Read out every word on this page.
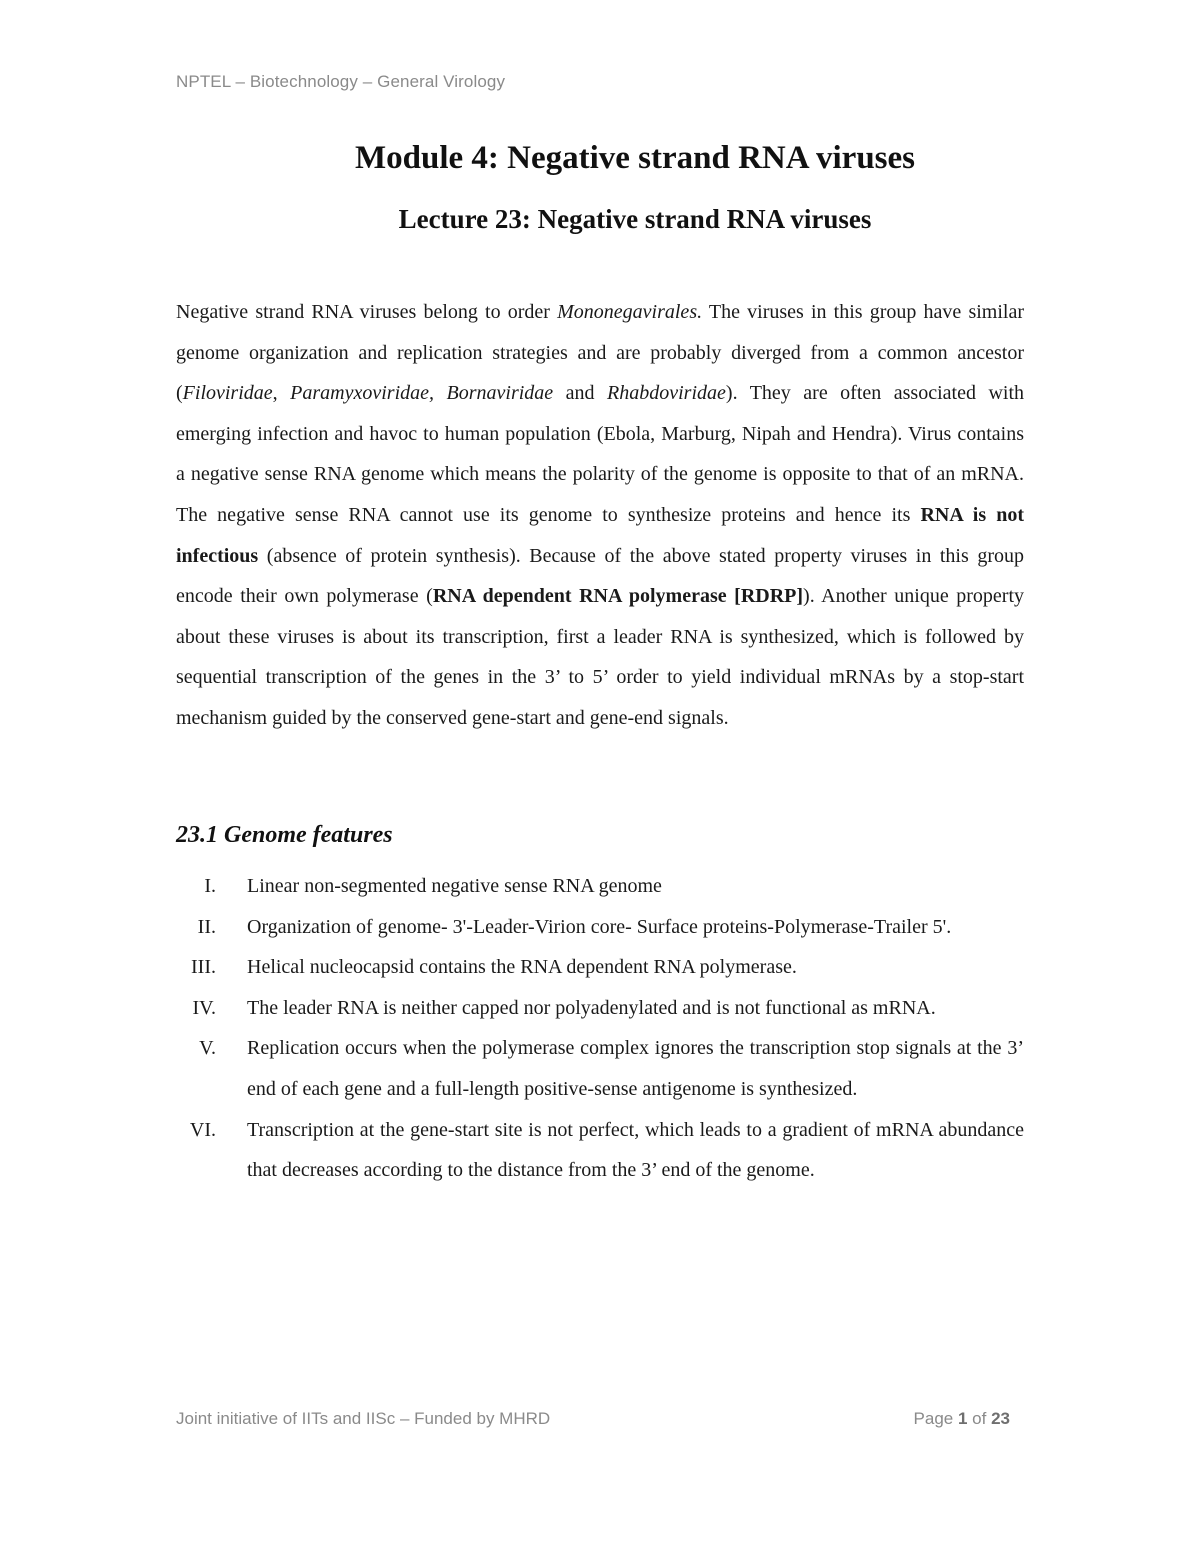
NPTEL – Biotechnology – General Virology
Module 4: Negative strand RNA viruses
Lecture 23: Negative strand RNA viruses

Negative strand RNA viruses belong to order Mononegavirales. The viruses in this group have similar genome organization and replication strategies and are probably diverged from a common ancestor (Filoviridae, Paramyxoviridae, Bornaviridae and Rhabdoviridae). They are often associated with emerging infection and havoc to human population (Ebola, Marburg, Nipah and Hendra). Virus contains a negative sense RNA genome which means the polarity of the genome is opposite to that of an mRNA. The negative sense RNA cannot use its genome to synthesize proteins and hence its RNA is not infectious (absence of protein synthesis). Because of the above stated property viruses in this group encode their own polymerase (RNA dependent RNA polymerase [RDRP]). Another unique property about these viruses is about its transcription, first a leader RNA is synthesized, which is followed by sequential transcription of the genes in the 3’ to 5’ order to yield individual mRNAs by a stop-start mechanism guided by the conserved gene-start and gene-end signals.

23.1 Genome features
I. Linear non-segmented negative sense RNA genome
II. Organization of genome- 3'-Leader-Virion core- Surface proteins-Polymerase-Trailer 5'.
III. Helical nucleocapsid contains the RNA dependent RNA polymerase.
IV. The leader RNA is neither capped nor polyadenylated and is not functional as mRNA.
V. Replication occurs when the polymerase complex ignores the transcription stop signals at the 3’ end of each gene and a full-length positive-sense antigenome is synthesized.
VI. Transcription at the gene-start site is not perfect, which leads to a gradient of mRNA abundance that decreases according to the distance from the 3’ end of the genome.
Joint initiative of IITs and IISc – Funded by MHRD	Page 1 of 23
